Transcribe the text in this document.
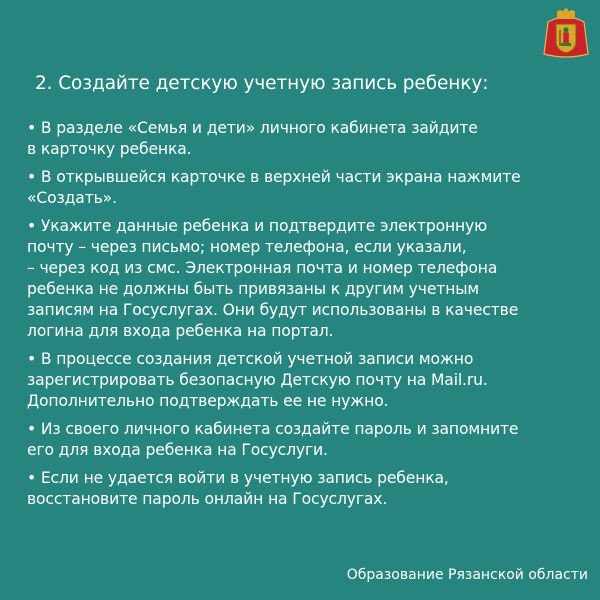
2. Создайте детскую учетную запись ребенку:
• В разделе «Семья и дети» личного кабинета зайдите
в карточку ребенка.
• В открывшейся карточке в верхней части экрана нажмите
«Создать».
• Укажите данные ребенка и подтвердите электронную
почту – через письмо; номер телефона, если указали,
– через код из смс. Электронная почта и номер телефона
ребенка не должны быть привязаны к другим учетным
записям на Госуслугах. Они будут использованы в качестве
логина для входа ребенка на портал.
• В процессе создания детской учетной записи можно
зарегистрировать безопасную Детскую почту на Mail.ru.
Дополнительно подтверждать ее не нужно.
• Из своего личного кабинета создайте пароль и запомните
его для входа ребенка на Госуслуги.
• Если не удается войти в учетную запись ребенка,
восстановите пароль онлайн на Госуслугах.
Образование Рязанской области
